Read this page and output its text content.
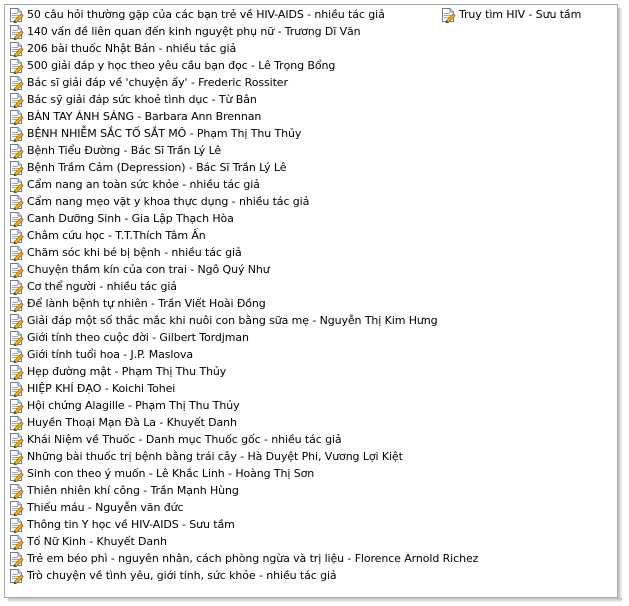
50 câu hỏi thường gặp của các bạn trẻ về HIV-AIDS - nhiều tác giả
140 vấn đề liên quan đến kinh nguyệt phụ nữ - Trương Dĩ Văn
206 bài thuốc Nhật Bản - nhiều tác giả
500 giải đáp y học theo yêu cầu bạn đọc - Lê Trọng Bổng
Bác sĩ giải đáp về 'chuyện ấy' - Frederic Rossiter
Bác sỹ giải đáp sức khoẻ tình dục - Từ Bân
BÀN TAY ÁNH SÁNG - Barbara Ann Brennan
BỆNH NHIỄM SẮC TỐ SẮT MÔ - Phạm Thị Thu Thủy
Bệnh Tiểu Đường - Bác Sĩ Trần Lý Lê
Bệnh Trầm Cảm (Depression) - Bác Sĩ Trần Lý Lê
Cẩm nang an toàn sức khỏe - nhiều tác giả
Cẩm nang mẹo vặt y khoa thực dụng - nhiều tác giả
Canh Dưỡng Sinh - Gia Lập Thạch Hòa
Châm cứu học - T.T.Thích Tâm Ấn
Chăm sóc khi bé bị bệnh - nhiều tác giả
Chuyện thầm kín của con trai - Ngô Quý Như
Cơ thể người - nhiều tác giả
Để lành bệnh tự nhiên - Trần Viết Hoài Đồng
Giải đáp một số thắc mắc khi nuôi con bằng sữa mẹ - Nguyễn Thị Kim Hưng
Giới tính theo cuộc đời - Gilbert Tordjman
Giới tính tuổi hoa - J.P. Maslova
Hẹp đường mật - Phạm Thị Thu Thủy
HIỆP KHÍ ĐẠO - Koichi Tohei
Hội chứng Alagille - Phạm Thị Thu Thủy
Huyền Thoại Mạn Đà La - Khuyết Danh
Khái Niệm về Thuốc - Danh mục Thuốc gốc - nhiều tác giả
Những bài thuốc trị bệnh bằng trái cây - Hà Duyệt Phi, Vương Lợi Kiệt
Sinh con theo ý muốn - Lê Khắc Linh - Hoàng Thị Sơn
Thiên nhiên khí công - Trần Mạnh Hùng
Thiếu máu - Nguyễn văn đức
Thông tin Y học về HIV-AIDS - Sưu tầm
Tố Nữ Kinh - Khuyết Danh
Trẻ em béo phì - nguyên nhân, cách phòng ngừa và trị liệu - Florence Arnold Richez
Trò chuyện về tình yêu, giới tính, sức khỏe - nhiều tác giả
Truy tìm HIV - Sưu tầm
